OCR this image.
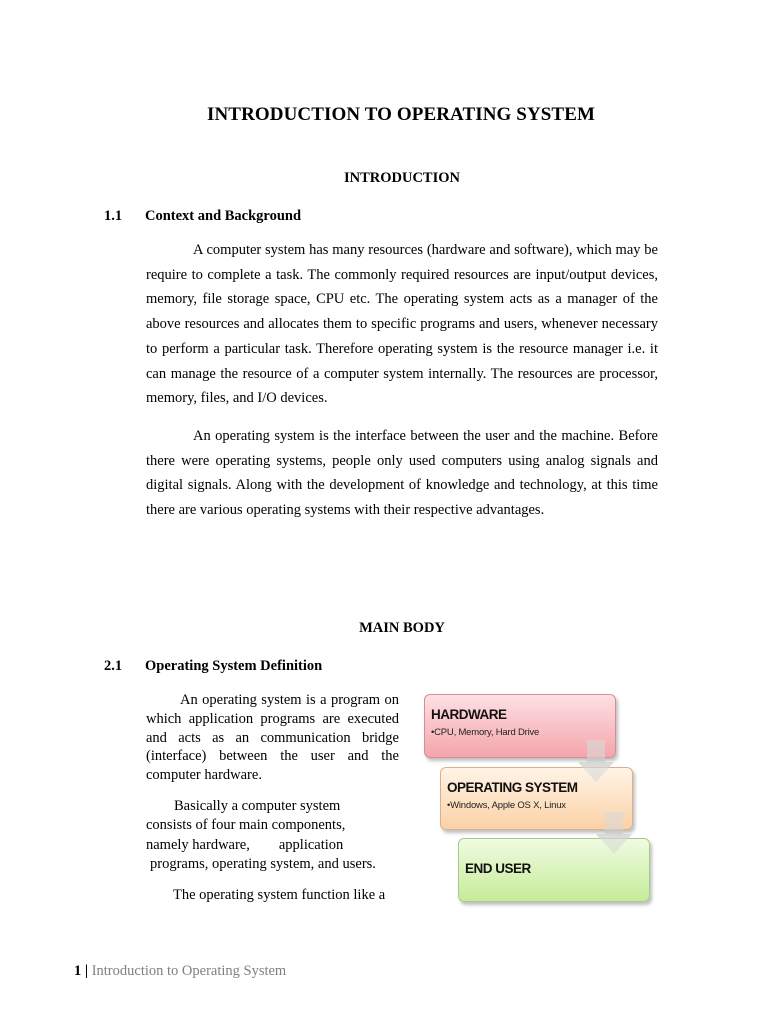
INTRODUCTION TO OPERATING SYSTEM
INTRODUCTION
1.1 Context and Background

A computer system has many resources (hardware and software), which may be require to complete a task. The commonly required resources are input/output devices, memory, file storage space, CPU etc. The operating system acts as a manager of the above resources and allocates them to specific programs and users, whenever necessary to perform a particular task. Therefore operating system is the resource manager i.e. it can manage the resource of a computer system internally. The resources are processor, memory, files, and I/O devices.

An operating system is the interface between the user and the machine. Before there were operating systems, people only used computers using analog signals and digital signals. Along with the development of knowledge and technology, at this time there are various operating systems with their respective advantages.

MAIN BODY
2.1 Operating System Definition

An operating system is a program on which application programs are executed and acts as an communication bridge (interface) between the user and the computer hardware.

Basically a computer system
consists of four main components,
namely hardware,        application
programs, operating system, and users.
The operating system function like a
HARDWARE
•CPU, Memory, Hard Drive
OPERATING SYSTEM
•Windows, Apple OS X, Linux
END USER
1 | Introduction to Operating System
